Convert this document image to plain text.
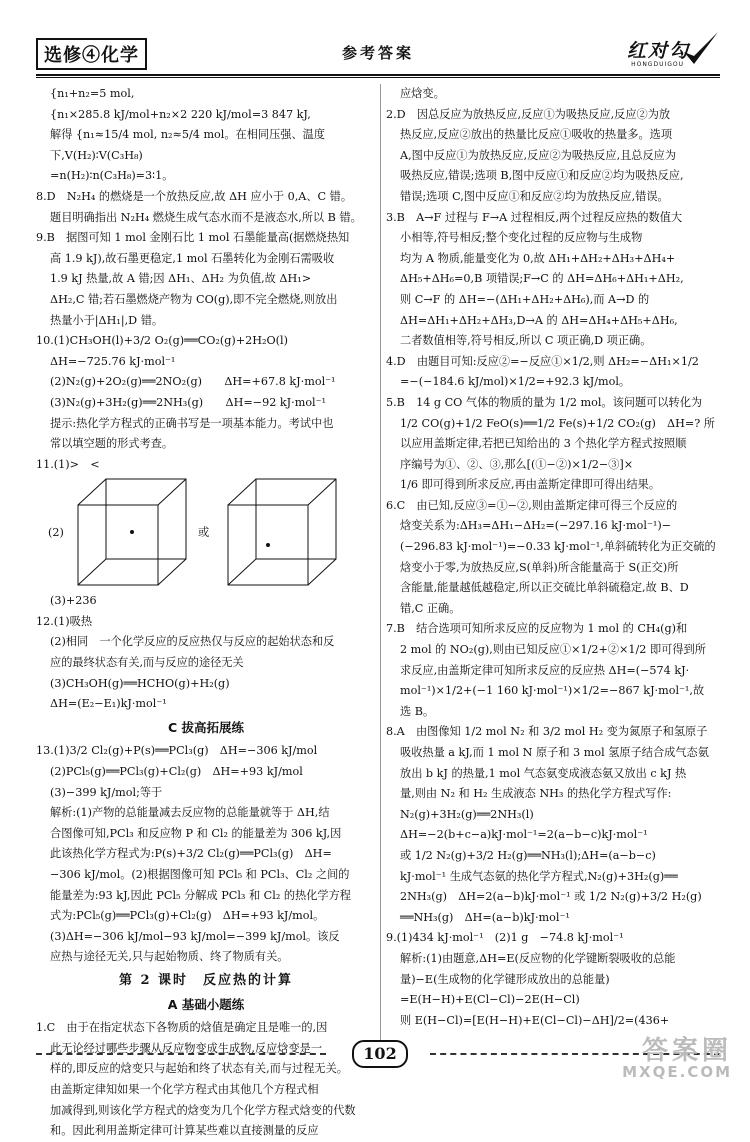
选修④化学	参考答案	红对勾
HONGDUIGOU
{n₁+n₂=5 mol,
{n₁×285.8 kJ/mol+n₂×2 220 kJ/mol=3 847 kJ,
解得 {n₁≈15/4 mol, n₂≈5/4 mol。在相同压强、温度下,V(H₂)∶V(C₃H₈)
=n(H₂)∶n(C₃H₈)=3∶1。
8.D　N₂H₄ 的燃烧是一个放热反应,故 ΔH 应小于 0,A、C 错。
题目明确指出 N₂H₄ 燃烧生成气态水而不是液态水,所以 B 错。
9.B　据图可知 1 mol 金刚石比 1 mol 石墨能量高(据燃烧热知
高 1.9 kJ),故石墨更稳定,1 mol 石墨转化为金刚石需吸收
1.9 kJ 热量,故 A 错;因 ΔH₁、ΔH₂ 为负值,故 ΔH₁>
ΔH₂,C 错;若石墨燃烧产物为 CO(g),即不完全燃烧,则放出
热量小于|ΔH₁|,D 错。
10.(1)CH₃OH(l)+3/2 O₂(g)══CO₂(g)+2H₂O(l)
ΔH=−725.76 kJ·mol⁻¹
(2)N₂(g)+2O₂(g)══2NO₂(g)　　ΔH=+67.8 kJ·mol⁻¹
(3)N₂(g)+3H₂(g)══2NH₃(g)　　ΔH=−92 kJ·mol⁻¹
提示:热化学方程式的正确书写是一项基本能力。考试中也
常以填空题的形式考查。
11.(1)>　<
(2)	或
(3)+236
12.(1)吸热
(2)相同　一个化学反应的反应热仅与反应的起始状态和反
应的最终状态有关,而与反应的途径无关
(3)CH₃OH(g)══HCHO(g)+H₂(g)
ΔH=(E₂−E₁)kJ·mol⁻¹
C 拔高拓展练
13.(1)3/2 Cl₂(g)+P(s)══PCl₃(g)　ΔH=−306 kJ/mol
(2)PCl₅(g)══PCl₃(g)+Cl₂(g)　ΔH=+93 kJ/mol
(3)−399 kJ/mol;等于
解析:(1)产物的总能量减去反应物的总能量就等于 ΔH,结
合图像可知,PCl₃ 和反应物 P 和 Cl₂ 的能量差为 306 kJ,因
此该热化学方程式为:P(s)+3/2 Cl₂(g)══PCl₃(g)　ΔH=
−306 kJ/mol。(2)根据图像可知 PCl₅ 和 PCl₃、Cl₂ 之间的
能量差为:93 kJ,因此 PCl₅ 分解成 PCl₃ 和 Cl₂ 的热化学方程
式为:PCl₅(g)══PCl₃(g)+Cl₂(g)　ΔH=+93 kJ/mol。
(3)ΔH=−306 kJ/mol−93 kJ/mol=−399 kJ/mol。该反
应热与途径无关,只与起始物质、终了物质有关。
第 2 课时　反应热的计算
A 基础小题练
1.C　由于在指定状态下各物质的焓值是确定且是唯一的,因
此无论经过哪些步骤从反应物变成生成物,反应焓变是一
样的,即反应的焓变只与起始和终了状态有关,而与过程无关。
由盖斯定律知如果一个化学方程式由其他几个方程式相
加减得到,则该化学方程式的焓变为几个化学方程式焓变的代数
和。因此利用盖斯定律可计算某些难以直接测量的反应
应焓变。
2.D　因总反应为放热反应,反应①为吸热反应,反应②为放
热反应,反应②放出的热量比反应①吸收的热量多。选项
A,图中反应①为放热反应,反应②为吸热反应,且总反应为
吸热反应,错误;选项 B,图中反应①和反应②均为吸热反应,
错误;选项 C,图中反应①和反应②均为放热反应,错误。
3.B　A→F 过程与 F→A 过程相反,两个过程反应热的数值大
小相等,符号相反;整个变化过程的反应物与生成物
均为 A 物质,能量变化为 0,故 ΔH₁+ΔH₂+ΔH₃+ΔH₄+
ΔH₅+ΔH₆=0,B 项错误;F→C 的 ΔH=ΔH₆+ΔH₁+ΔH₂,
则 C→F 的 ΔH=−(ΔH₁+ΔH₂+ΔH₆),而 A→D 的
ΔH=ΔH₁+ΔH₂+ΔH₃,D→A 的 ΔH=ΔH₄+ΔH₅+ΔH₆,
二者数值相等,符号相反,所以 C 项正确,D 项正确。
4.D　由题目可知:反应②=−反应①×1/2,则 ΔH₂=−ΔH₁×1/2
=−(−184.6 kJ/mol)×1/2=+92.3 kJ/mol。
5.B　14 g CO 气体的物质的量为 1/2 mol。该问题可以转化为
1/2 CO(g)+1/2 FeO(s)══1/2 Fe(s)+1/2 CO₂(g)　ΔH=? 所
以应用盖斯定律,若把已知给出的 3 个热化学方程式按照顺
序编号为①、②、③,那么[(①−②)×1/2−③]×
1/6 即可得到所求反应,再由盖斯定律即可得出结果。
6.C　由已知,反应③=①−②,则由盖斯定律可得三个反应的
焓变关系为:ΔH₃=ΔH₁−ΔH₂=(−297.16 kJ·mol⁻¹)−
(−296.83 kJ·mol⁻¹)=−0.33 kJ·mol⁻¹,单斜硫转化为正交硫的
焓变小于零,为放热反应,S(单斜)所含能量高于 S(正交)所
含能量,能量越低越稳定,所以正交硫比单斜硫稳定,故 B、D
错,C 正确。
7.B　结合选项可知所求反应的反应物为 1 mol 的 CH₄(g)和
2 mol 的 NO₂(g),则由已知反应①×1/2+②×1/2 即可得到所
求反应,由盖斯定律可知所求反应的反应热 ΔH=(−574 kJ·
mol⁻¹)×1/2+(−1 160 kJ·mol⁻¹)×1/2=−867 kJ·mol⁻¹,故
选 B。
8.A　由图像知 1/2 mol N₂ 和 3/2 mol H₂ 变为氮原子和氢原子
吸收热量 a kJ,而 1 mol N 原子和 3 mol 氢原子结合成气态氨
放出 b kJ 的热量,1 mol 气态氨变成液态氨又放出 c kJ 热
量,则由 N₂ 和 H₂ 生成液态 NH₃ 的热化学方程式写作:
N₂(g)+3H₂(g)══2NH₃(l)
ΔH=−2(b+c−a)kJ·mol⁻¹=2(a−b−c)kJ·mol⁻¹
或 1/2 N₂(g)+3/2 H₂(g)══NH₃(l);ΔH=(a−b−c)
kJ·mol⁻¹ 生成气态氨的热化学方程式,N₂(g)+3H₂(g)══
2NH₃(g)　ΔH=2(a−b)kJ·mol⁻¹ 或 1/2 N₂(g)+3/2 H₂(g)
══NH₃(g)　ΔH=(a−b)kJ·mol⁻¹
9.(1)434 kJ·mol⁻¹　(2)1 g　−74.8 kJ·mol⁻¹
解析:(1)由题意,ΔH=E(反应物的化学键断裂吸收的总能
量)−E(生成物的化学键形成放出的总能量)
=E(H−H)+E(Cl−Cl)−2E(H−Cl)
则 E(H−Cl)=[E(H−H)+E(Cl−Cl)−ΔH]/2=(436+
102	答案圈
MXQE.COM
